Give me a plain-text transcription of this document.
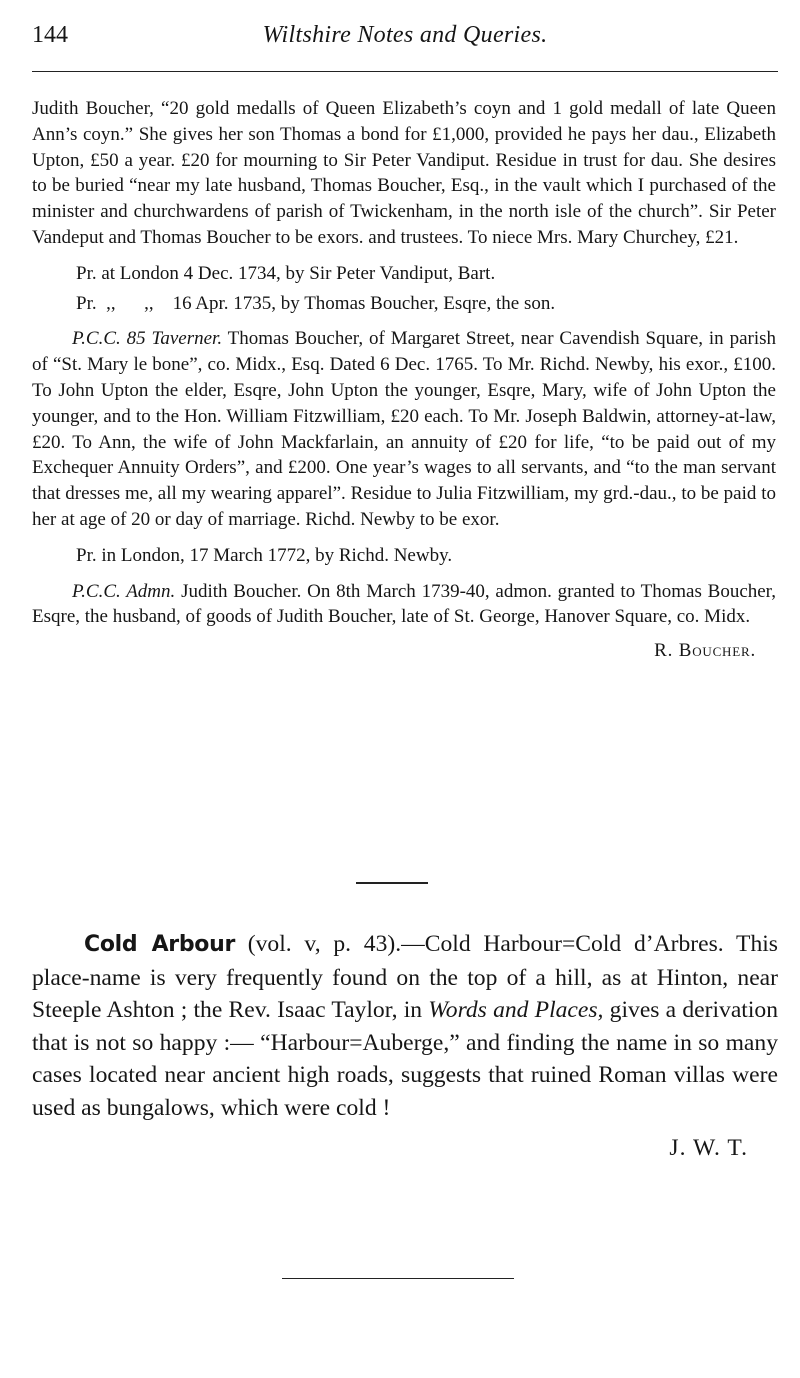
144	Wiltshire Notes and Queries.

Judith Boucher, “20 gold medalls of Queen Elizabeth’s coyn and 1 gold medall of late Queen Ann’s coyn.” She gives her son Thomas a bond for £1,000, provided he pays her dau., Elizabeth Upton, £50 a year. £20 for mourning to Sir Peter Vandiput. Residue in trust for dau. She desires to be buried “near my late husband, Thomas Boucher, Esq., in the vault which I purchased of the minister and churchwardens of parish of Twickenham, in the north isle of the church”. Sir Peter Vandeput and Thomas Boucher to be exors. and trustees. To niece Mrs. Mary Churchey, £21.

Pr. at London 4 Dec. 1734, by Sir Peter Vandiput, Bart.

Pr.  ,,      ,,    16 Apr. 1735, by Thomas Boucher, Esqre, the son.

P.C.C. 85 Taverner. Thomas Boucher, of Margaret Street, near Cavendish Square, in parish of “St. Mary le bone”, co. Midx., Esq. Dated 6 Dec. 1765. To Mr. Richd. Newby, his exor., £100. To John Upton the elder, Esqre, John Upton the younger, Esqre, Mary, wife of John Upton the younger, and to the Hon. William Fitzwilliam, £20 each. To Mr. Joseph Baldwin, attorney-at-law, £20. To Ann, the wife of John Mackfarlain, an annuity of £20 for life, “to be paid out of my Exchequer Annuity Orders”, and £200. One year’s wages to all servants, and “to the man servant that dresses me, all my wearing apparel”. Residue to Julia Fitzwilliam, my grd.-dau., to be paid to her at age of 20 or day of marriage. Richd. Newby to be exor.

Pr. in London, 17 March 1772, by Richd. Newby.

P.C.C. Admn. Judith Boucher. On 8th March 1739-40, admon. granted to Thomas Boucher, Esqre, the husband, of goods of Judith Boucher, late of St. George, Hanover Square, co. Midx.

R. Boucher.

Cold Arbour (vol. v, p. 43).—Cold Harbour=Cold d’Arbres. This place-name is very frequently found on the top of a hill, as at Hinton, near Steeple Ashton ; the Rev. Isaac Taylor, in Words and Places, gives a derivation that is not so happy :— “Harbour=Auberge,” and finding the name in so many cases located near ancient high roads, suggests that ruined Roman villas were used as bungalows, which were cold !

J. W. T.
